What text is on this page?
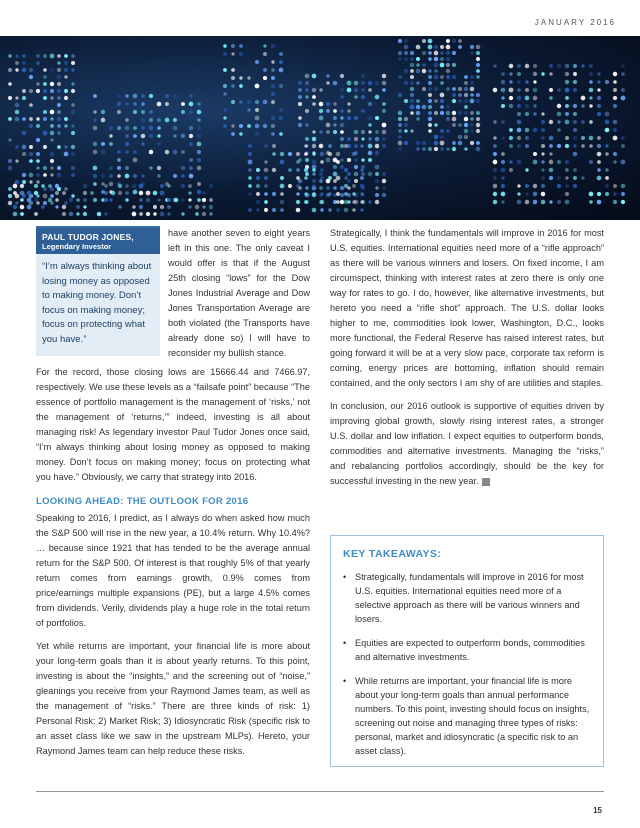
JANUARY 2016
PAUL TUDOR JONES,
Legendary Investor
“I’m always thinking about losing money as opposed to making money. Don’t focus on making money; focus on protecting what you have.”

have another seven to eight years left in this one. The only caveat I would offer is that if the August 25th closing “lows” for the Dow Jones Industrial Average and Dow Jones Transportation Average are both violated (the Transports have already done so) I will have to reconsider my bullish stance.

For the record, those closing lows are 15666.44 and 7466.97, respectively. We use these levels as a “failsafe point” because “The essence of portfolio management is the management of ‘risks,’ not the management of ‘returns,’” indeed, investing is all about managing risk! As legendary investor Paul Tudor Jones once said, “I’m always thinking about losing money as opposed to making money. Don’t focus on making money; focus on protecting what you have.” Obviously, we carry that strategy into 2016.

LOOKING AHEAD: THE OUTLOOK FOR 2016

Speaking to 2016, I predict, as I always do when asked how much the S&P 500 will rise in the new year, a 10.4% return. Why 10.4%? … because since 1921 that has tended to be the average annual return for the S&P 500. Of interest is that roughly 5% of that yearly return comes from earnings growth, 0.9% comes from price/earnings multiple expansions (PE), but a large 4.5% comes from dividends. Verily, dividends play a huge role in the total return of portfolios.

Yet while returns are important, your financial life is more about your long-term goals than it is about yearly returns. To this point, investing is about the “insights,” and the screening out of “noise,” gleanings you receive from your Raymond James team, as well as the management of “risks.” There are three kinds of risk: 1) Personal Risk; 2) Market Risk; 3) Idiosyncratic Risk (specific risk to an asset class like we saw in the upstream MLPs). Hereto, your Raymond James team can help reduce these risks.

Strategically, I think the fundamentals will improve in 2016 for most U.S. equities. International equities need more of a “rifle approach” as there will be various winners and losers. On fixed income, I am circumspect, thinking with interest rates at zero there is only one way for rates to go. I do, however, like alternative investments, but hereto you need a “rifle shot” approach. The U.S. dollar looks higher to me, commodities look lower, Washington, D.C., looks more functional, the Federal Reserve has raised interest rates, but going forward it will be at a very slow pace, corporate tax reform is coming, energy prices are bottoming, inflation should remain contained, and the only sectors I am shy of are utilities and staples.

In conclusion, our 2016 outlook is supportive of equities driven by improving global growth, slowly rising interest rates, a stronger U.S. dollar and low inflation. I expect equities to outperform bonds, commodities and alternative investments. Managing the “risks,” and rebalancing portfolios accordingly, should be the key for successful investing in the new year.

KEY TAKEAWAYS:
• Strategically, fundamentals will improve in 2016 for most U.S. equities. International equities need more of a selective approach as there will be various winners and losers.
• Equities are expected to outperform bonds, commodities and alternative investments.
• While returns are important, your financial life is more about your long-term goals than annual performance numbers. To this point, investing should focus on insights, screening out noise and managing three types of risks: personal, market and idiosyncratic (a specific risk to an asset class).
15
